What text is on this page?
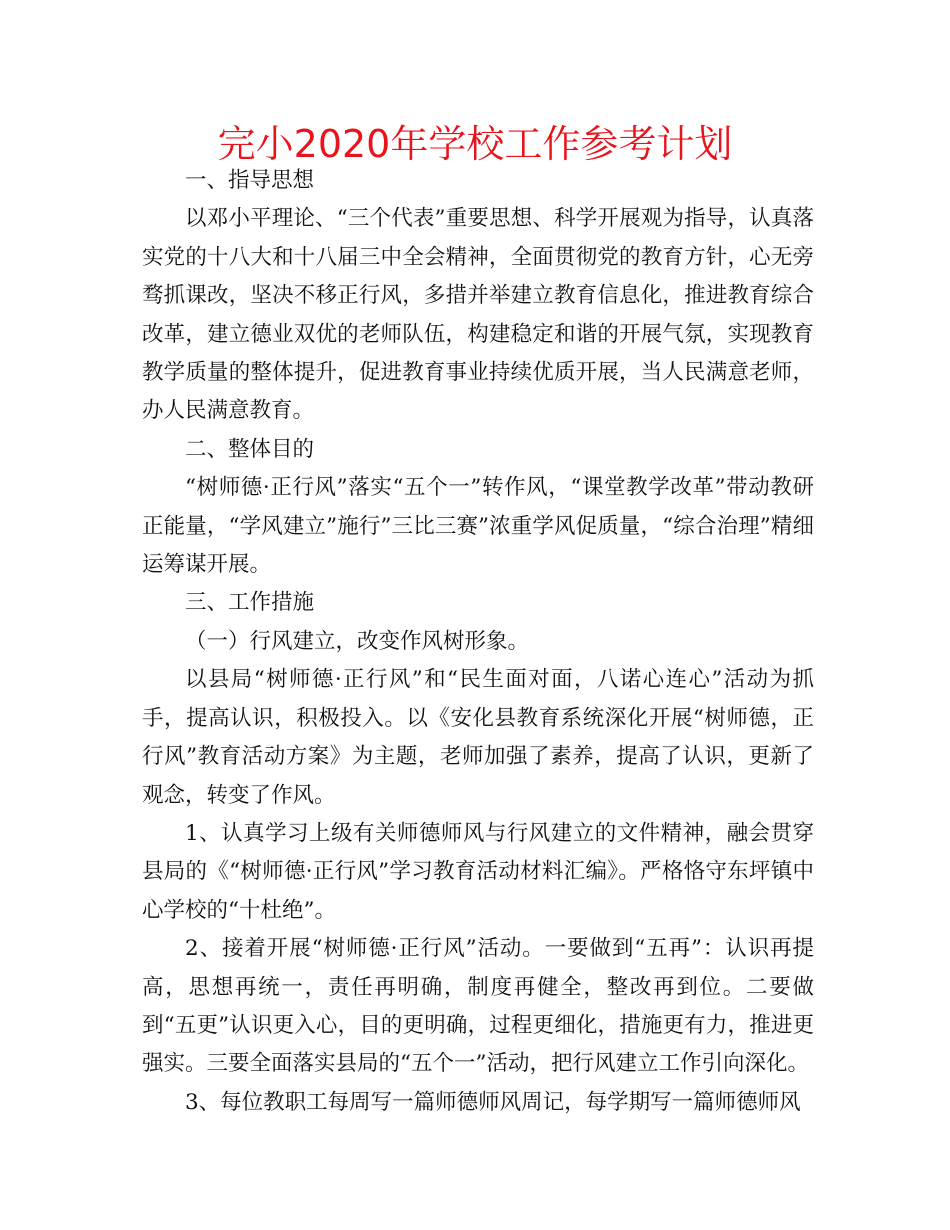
完小2020年学校工作参考计划

一、指导思想

以邓小平理论、“三个代表”重要思想、科学开展观为指导，认真落实党的十八大和十八届三中全会精神，全面贯彻党的教育方针，心无旁骛抓课改，坚决不移正行风，多措并举建立教育信息化，推进教育综合改革，建立德业双优的老师队伍，构建稳定和谐的开展气氛，实现教育教学质量的整体提升，促进教育事业持续优质开展，当人民满意老师，办人民满意教育。

二、整体目的

“树师德·正行风”落实“五个一”转作风，“课堂教学改革”带动教研正能量，“学风建立”施行”三比三赛”浓重学风促质量，“综合治理”精细运筹谋开展。

三、工作措施

（一）行风建立，改变作风树形象。

以县局“树师德·正行风”和“民生面对面，八诺心连心”活动为抓手，提高认识，积极投入。以《安化县教育系统深化开展“树师德，正行风”教育活动方案》为主题，老师加强了素养，提高了认识，更新了观念，转变了作风。

1、认真学习上级有关师德师风与行风建立的文件精神，融会贯穿县局的《“树师德·正行风”学习教育活动材料汇编》。严格恪守东坪镇中心学校的“十杜绝”。

2、接着开展“树师德·正行风”活动。一要做到“五再”：认识再提高，思想再统一，责任再明确，制度再健全，整改再到位。二要做到“五更”认识更入心，目的更明确，过程更细化，措施更有力，推进更强实。三要全面落实县局的“五个一”活动，把行风建立工作引向深化。

3、每位教职工每周写一篇师德师风周记，每学期写一篇师德师风
